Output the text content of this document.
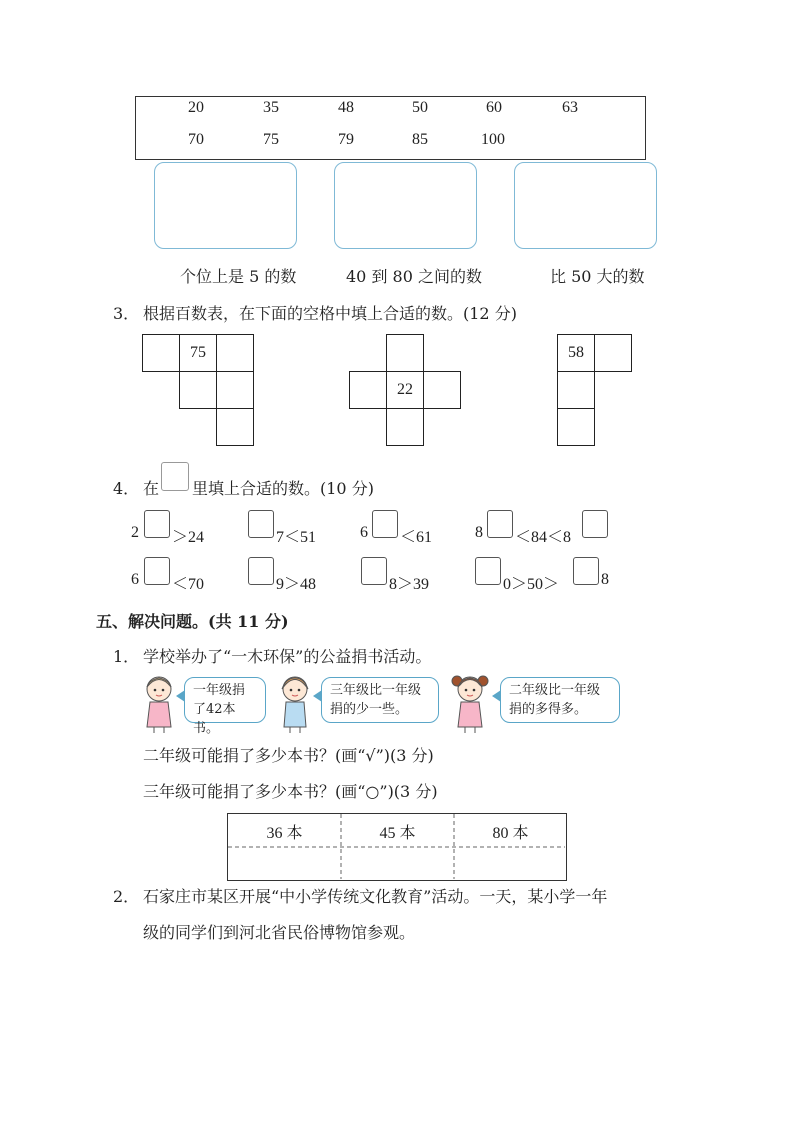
20	35	48	50	60	63
70	75	79	85	100
个位上是 5 的数	40 到 80 之间的数	比 50 大的数
3． 根据百数表，在下面的空格中填上合适的数。(12 分)
75
22
58
4． 在 里填上合适的数。(10 分)
2 ＞24	7＜51	6 ＜61	8 ＜84＜8
6 ＜70	9＞48	8＞39	0＞50＞	8
五、解决问题。(共 11 分)
1． 学校举办了“一木环保”的公益捐书活动。
一年级捐了42本书。
三年级比一年级捐的少一些。
二年级比一年级捐的多得多。
二年级可能捐了多少本书？(画“√”)(3 分)
三年级可能捐了多少本书？(画“○”)(3 分)
36 本	45 本	80 本
2． 石家庄市某区开展“中小学传统文化教育”活动。一天，某小学一年
级的同学们到河北省民俗博物馆参观。
